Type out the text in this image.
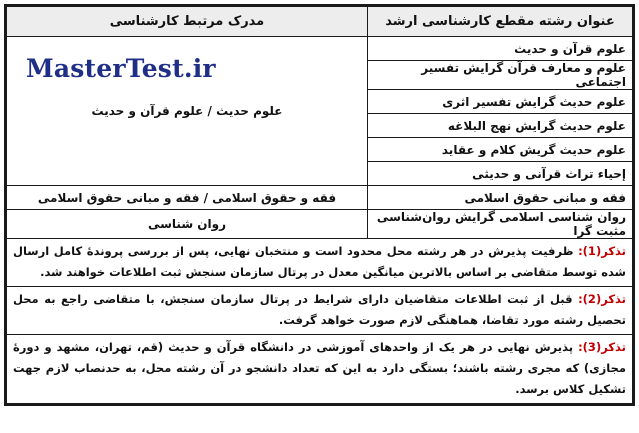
عنوان رشته مقطع کارشناسی ارشد	مدرک مرتبط کارشناسی
علوم قرآن و حدیث	علوم حدیث / علوم قرآن و حدیث
علوم و معارف قرآن گرایش تفسیر اجتماعی	
علوم حدیث گرایش تفسیر اثری	
علوم حدیث گرایش نهج البلاغه	
علوم حدیث گریش کلام و عقاید	
إحیاء تراث قرآنی و حدیثی	
فقه و مبانی حقوق اسلامی	فقه و حقوق اسلامی / فقه و مبانی حقوق اسلامی
روان شناسی اسلامی گرایش روان‌شناسی مثبت گرا	روان شناسی
تذکر(1): ظرفیت پذیرش در هر رشته محل محدود است و منتخبان نهایی، پس از بررسی پروندۀ کامل ارسال شده توسط متقاضی بر اساس بالاترین میانگین معدل در پرتال سازمان سنجش ثبت اطلاعات خواهند شد.	
تذکر(2): قبل از ثبت اطلاعات متقاضیان دارای شرایط در پرتال سازمان سنجش، با متقاضی راجع به محل تحصیل رشته مورد تقاضا، هماهنگی لازم صورت خواهد گرفت.	
تذکر(3): پذیرش نهایی در هر یک از واحدهای آموزشی در دانشگاه قرآن و حدیث (قم، تهران، مشهد و دورۀ مجازی) که مجری رشته باشند؛ بستگی دارد به این که تعداد دانشجو در آن رشته محل، به حدنصاب لازم جهت تشکیل کلاس برسد.	
MasterTest.ir
